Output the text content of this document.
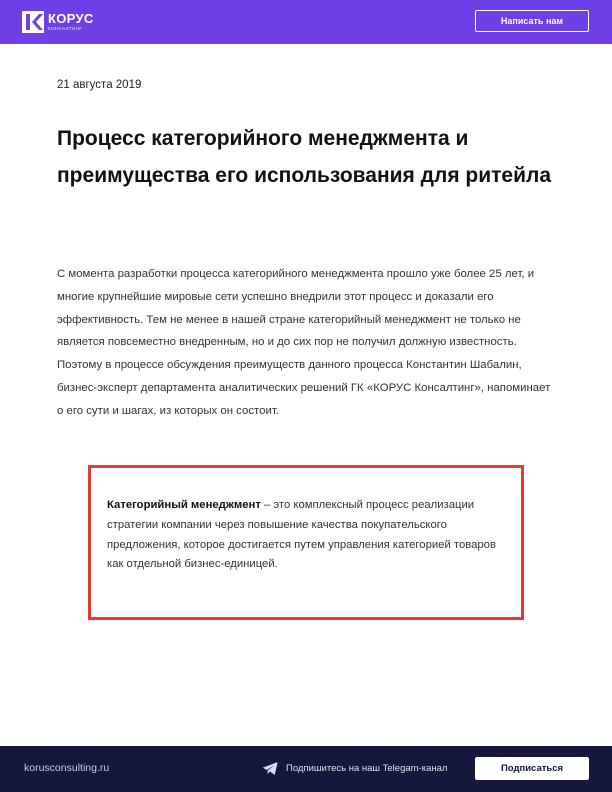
КОРУС
КОНСАЛТИНГ
Написать нам
21 августа 2019
Процесс категорийного менеджмента и преимущества его использования для ритейла

С момента разработки процесса категорийного менеджмента прошло уже более 25 лет, и многие крупнейшие мировые сети успешно внедрили этот процесс и доказали его эффективность. Тем не менее в нашей стране категорийный менеджмент не только не является повсеместно внедренным, но и до сих пор не получил должную известность. Поэтому в процессе обсуждения преимуществ данного процесса Константин Шабалин, бизнес-эксперт департамента аналитических решений ГК «КОРУС Консалтинг», напоминает о его сути и шагах, из которых он состоит.

Категорийный менеджмент – это комплексный процесс реализации стратегии компании через повышение качества покупательского предложения, которое достигается путем управления категорией товаров как отдельной бизнес-единицей.

korusconsulting.ru	Подпишитесь на наш Telegam-канал	Подписаться
